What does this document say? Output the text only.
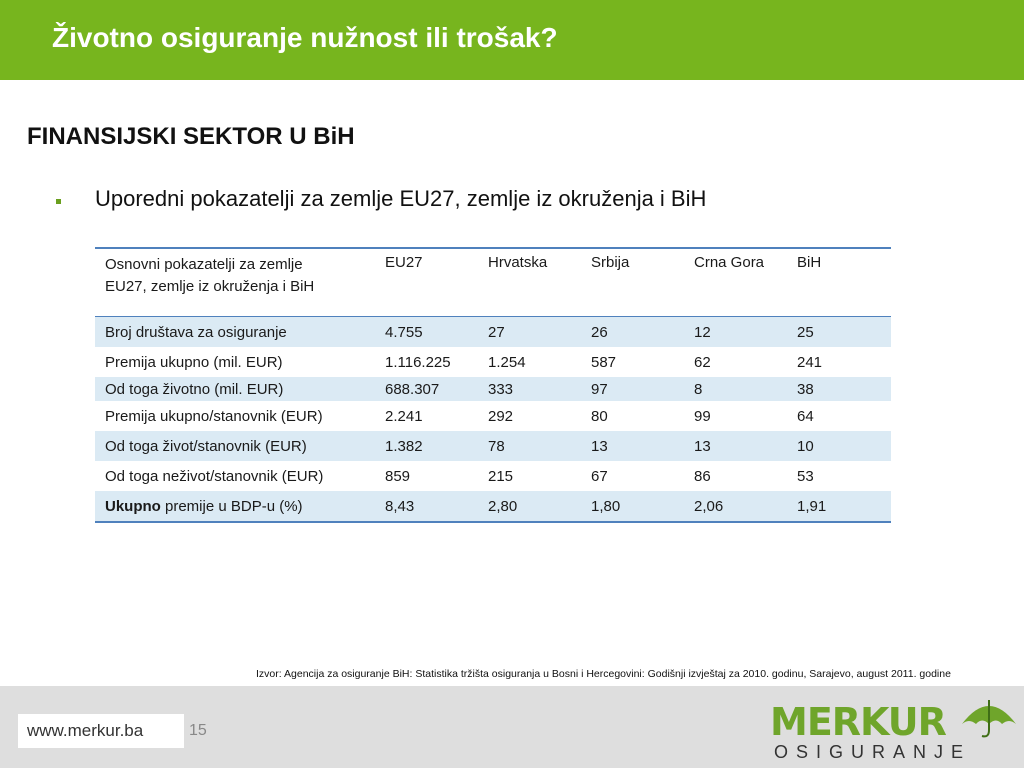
Životno osiguranje nužnost ili trošak?
FINANSIJSKI SEKTOR U BiH
Uporedni pokazatelji za zemlje EU27, zemlje iz okruženja i BiH
Osnovni pokazatelji za zemlje
EU27, zemlje iz okruženja i BiH	EU27	Hrvatska	Srbija	Crna Gora	BiH
Broj društava za osiguranje	4.755	27	26	12	25
Premija ukupno (mil. EUR)	1.116.225	1.254	587	62	241
Od toga životno (mil. EUR)	688.307	333	97	8	38
Premija ukupno/stanovnik (EUR)	2.241	292	80	99	64
Od toga život/stanovnik (EUR)	1.382	78	13	13	10
Od toga neživot/stanovnik (EUR)	859	215	67	86	53
Ukupno premije u BDP-u (%)	8,43	2,80	1,80	2,06	1,91
Izvor: Agencija za osiguranje BiH: Statistika tržišta osiguranja u Bosni i Hercegovini: Godišnji izvještaj za 2010. godinu, Sarajevo, august 2011. godine
www.merkur.ba	15	MERKUR
OSIGURANJE
